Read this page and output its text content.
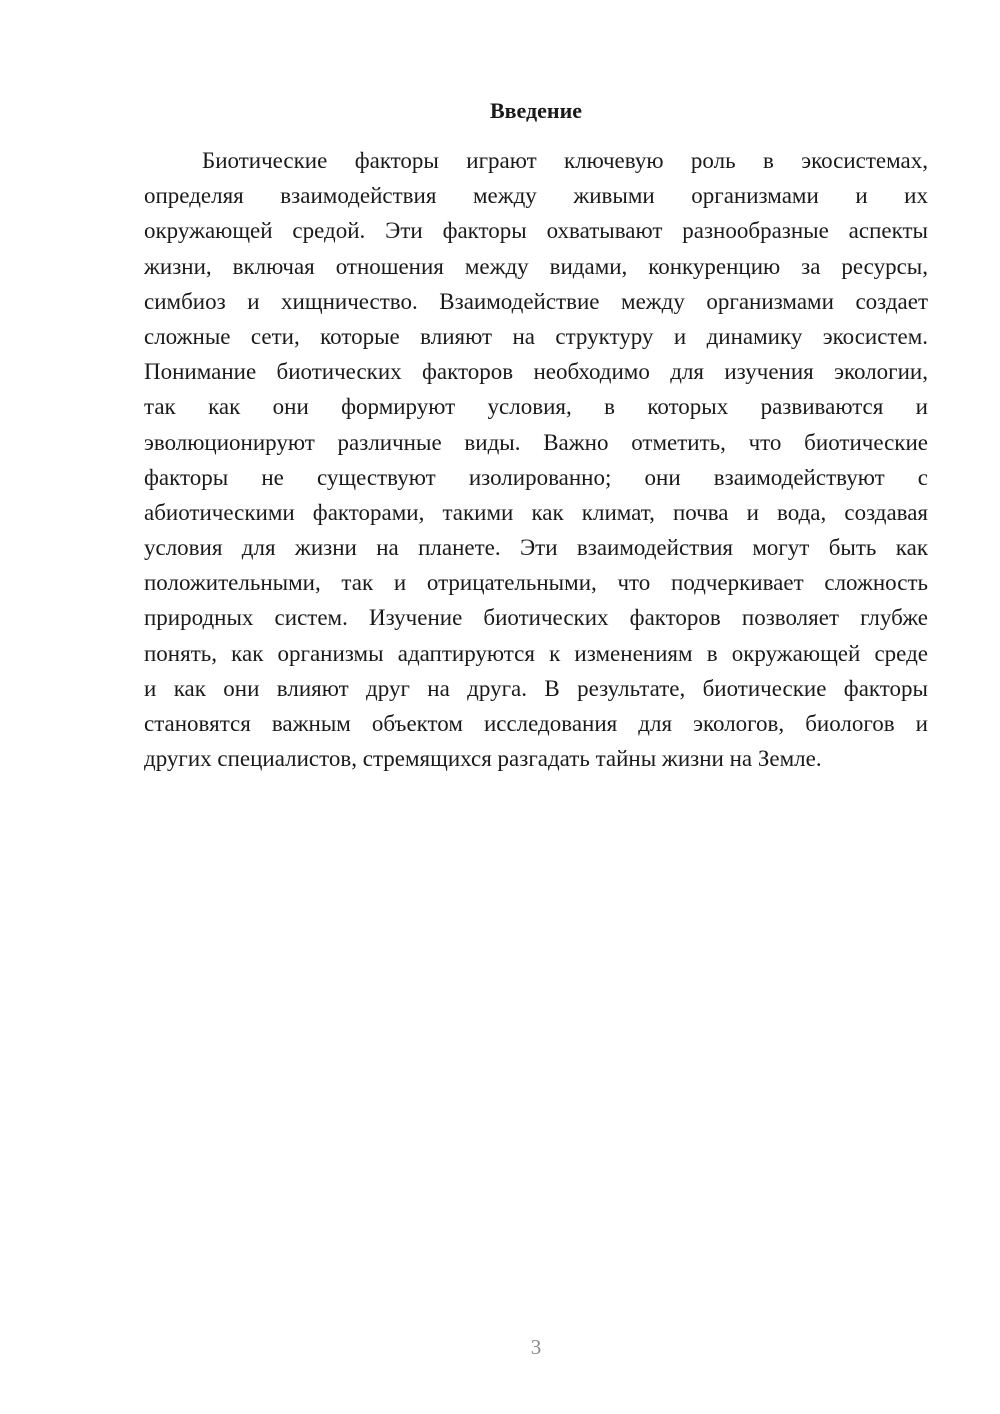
Введение
Биотические факторы играют ключевую роль в экосистемах,
определяя взаимодействия между живыми организмами и их
окружающей средой. Эти факторы охватывают разнообразные аспекты
жизни, включая отношения между видами, конкуренцию за ресурсы,
симбиоз и хищничество. Взаимодействие между организмами создает
сложные сети, которые влияют на структуру и динамику экосистем.
Понимание биотических факторов необходимо для изучения экологии,
так как они формируют условия, в которых развиваются и
эволюционируют различные виды. Важно отметить, что биотические
факторы не существуют изолированно; они взаимодействуют с
абиотическими факторами, такими как климат, почва и вода, создавая
условия для жизни на планете. Эти взаимодействия могут быть как
положительными, так и отрицательными, что подчеркивает сложность
природных систем. Изучение биотических факторов позволяет глубже
понять, как организмы адаптируются к изменениям в окружающей среде
и как они влияют друг на друга. В результате, биотические факторы
становятся важным объектом исследования для экологов, биологов и
других специалистов, стремящихся разгадать тайны жизни на Земле.
3
